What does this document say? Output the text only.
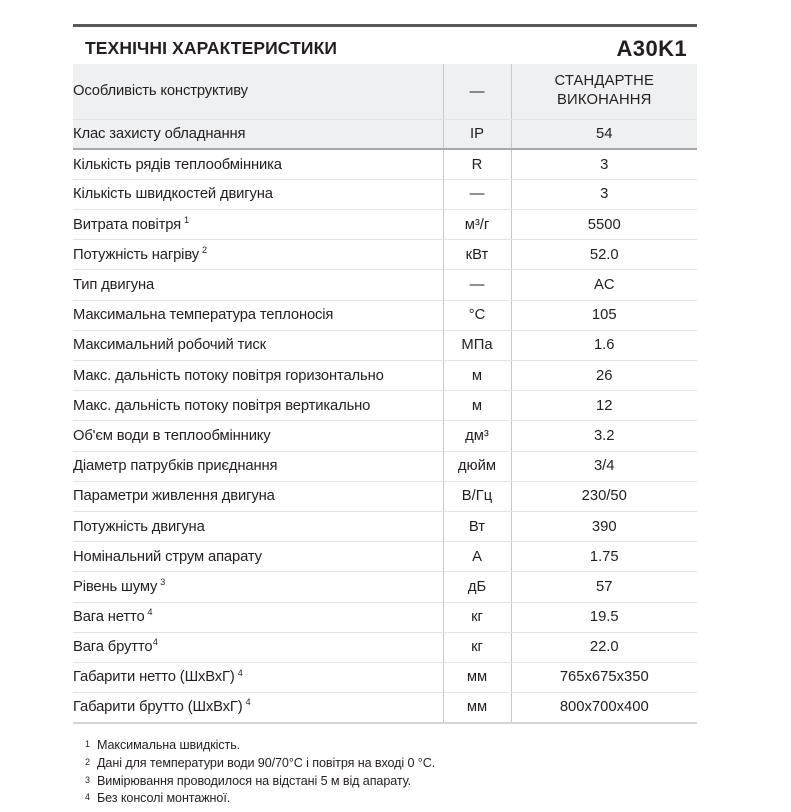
ТЕХНІЧНІ ХАРАКТЕРИСТИКИ	A30K1
Особливість конструктиву	—	СТАНДАРТНЕ
ВИКОНАННЯ
Клас захисту обладнання	IP	54
Кількість рядів теплообмінника	R	3
Кількість швидкостей двигуна	—	3
Витрата повітря $^1$	м³/г	5500
Потужність нагріву $^2$	кВт	52.0
Тип двигуна	—	AC
Максимальна температура теплоносія	°C	105
Максимальний робочий тиск	МПа	1.6
Макс. дальність потоку повітря горизонтально	м	26
Макс. дальність потоку повітря вертикально	м	12
Об'єм води в теплообміннику	дм³	3.2
Діаметр патрубків приєднання	дюйм	3/4
Параметри живлення двигуна	В/Гц	230/50
Потужність двигуна	Вт	390
Номінальний струм апарату	А	1.75
Рівень шуму $^3$	дБ	57
Вага нетто $^4$	кг	19.5
Вага брутто$^4$	кг	22.0
Габарити нетто (ШхВхГ) $^4$	мм	765x675x350
Габарити брутто (ШхВхГ) $^4$	мм	800x700x400
1 Максимальна швидкість.
2 Дані для температури води 90/70°C і повітря на вході 0 °C.
3 Вимірювання проводилося на відстані 5 м від апарату.
4 Без консолі монтажної.
